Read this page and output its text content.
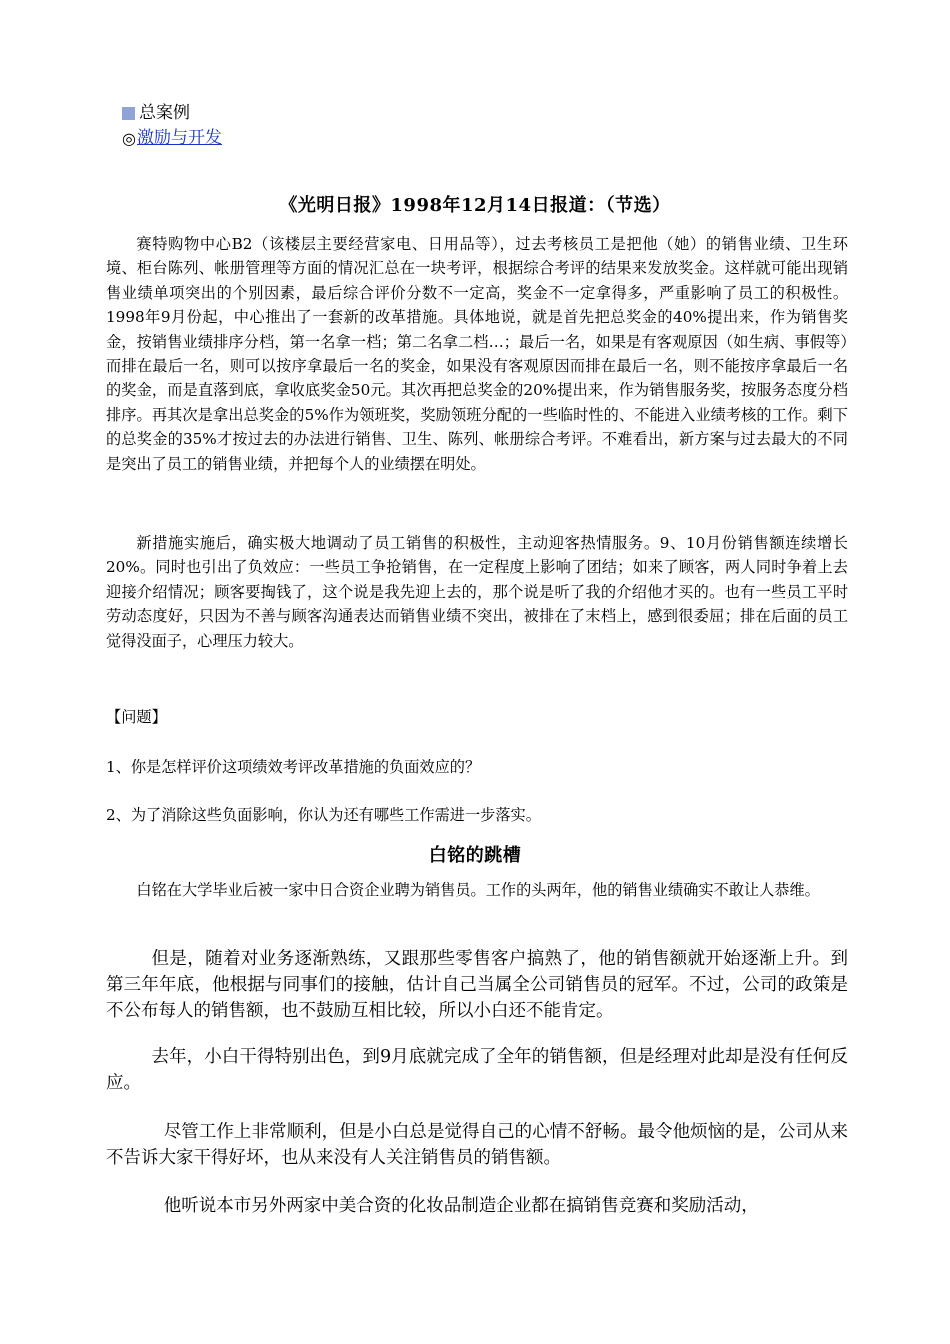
总案例
◎ 激励与开发
《光明日报》1998年12月14日报道：（节选）

赛特购物中心B2（该楼层主要经营家电、日用品等），过去考核员工是把他（她）的销售业绩、卫生环境、柜台陈列、帐册管理等方面的情况汇总在一块考评，根据综合考评的结果来发放奖金。这样就可能出现销售业绩单项突出的个别因素，最后综合评价分数不一定高，奖金不一定拿得多，严重影响了员工的积极性。1998年9月份起，中心推出了一套新的改革措施。具体地说，就是首先把总奖金的40%提出来，作为销售奖金，按销售业绩排序分档，第一名拿一档；第二名拿二档…；最后一名，如果是有客观原因（如生病、事假等）而排在最后一名，则可以按序拿最后一名的奖金，如果没有客观原因而排在最后一名，则不能按序拿最后一名的奖金，而是直落到底，拿收底奖金50元。其次再把总奖金的20%提出来，作为销售服务奖，按服务态度分档排序。再其次是拿出总奖金的5%作为领班奖，奖励领班分配的一些临时性的、不能进入业绩考核的工作。剩下的总奖金的35%才按过去的办法进行销售、卫生、陈列、帐册综合考评。不难看出，新方案与过去最大的不同是突出了员工的销售业绩，并把每个人的业绩摆在明处。

新措施实施后，确实极大地调动了员工销售的积极性，主动迎客热情服务。9、10月份销售额连续增长20%。同时也引出了负效应：一些员工争抢销售，在一定程度上影响了团结；如来了顾客，两人同时争着上去迎接介绍情况；顾客要掏钱了，这个说是我先迎上去的，那个说是听了我的介绍他才买的。也有一些员工平时劳动态度好，只因为不善与顾客沟通表达而销售业绩不突出，被排在了末档上，感到很委屈；排在后面的员工觉得没面子，心理压力较大。

【问题】

1、你是怎样评价这项绩效考评改革措施的负面效应的？

2、为了消除这些负面影响，你认为还有哪些工作需进一步落实。

白铭的跳槽

白铭在大学毕业后被一家中日合资企业聘为销售员。工作的头两年，他的销售业绩确实不敢让人恭维。

但是，随着对业务逐渐熟练，又跟那些零售客户搞熟了，他的销售额就开始逐渐上升。到第三年年底，他根据与同事们的接触，估计自己当属全公司销售员的冠军。不过，公司的政策是不公布每人的销售额，也不鼓励互相比较，所以小白还不能肯定。

去年，小白干得特别出色，到9月底就完成了全年的销售额，但是经理对此却是没有任何反应。

尽管工作上非常顺利，但是小白总是觉得自己的心情不舒畅。最令他烦恼的是，公司从来不告诉大家干得好坏，也从来没有人关注销售员的销售额。

他听说本市另外两家中美合资的化妆品制造企业都在搞销售竞赛和奖励活动，
